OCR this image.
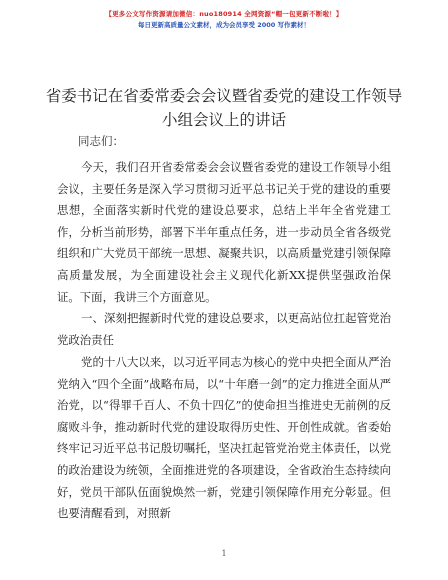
【更多公文写作资源请加微信：nuo180914 全网资源“帽一包更新不断啦！】
每日更新高质量公文素材，成为会员享受 2000 写作素材！
省委书记在省委常委会会议暨省委党的建设工作领导小组会议上的讲话
同志们：

今天，我们召开省委常委会会议暨省委党的建设工作领导小组会议，主要任务是深入学习贯彻习近平总书记关于党的建设的重要思想，全面落实新时代党的建设总要求，总结上半年全省党建工作，分析当前形势，部署下半年重点任务，进一步动员全省各级党组织和广大党员干部统一思想、凝聚共识，以高质量党建引领保障高质量发展，为全面建设社会主义现代化新XX提供坚强政治保证。下面，我讲三个方面意见。

一、深刻把握新时代党的建设总要求，以更高站位扛起管党治党政治责任

党的十八大以来，以习近平同志为核心的党中央把全面从严治党纳入“四个全面”战略布局，以“十年磨一剑”的定力推进全面从严治党，以“得罪千百人、不负十四亿”的使命担当推进史无前例的反腐败斗争，推动新时代党的建设取得历史性、开创性成就。省委始终牢记习近平总书记殷切嘱托，坚决扛起管党治党主体责任，以党的政治建设为统领，全面推进党的各项建设，全省政治生态持续向好，党员干部队伍面貌焕然一新，党建引领保障作用充分彰显。但也要清醒看到，对照新

1
